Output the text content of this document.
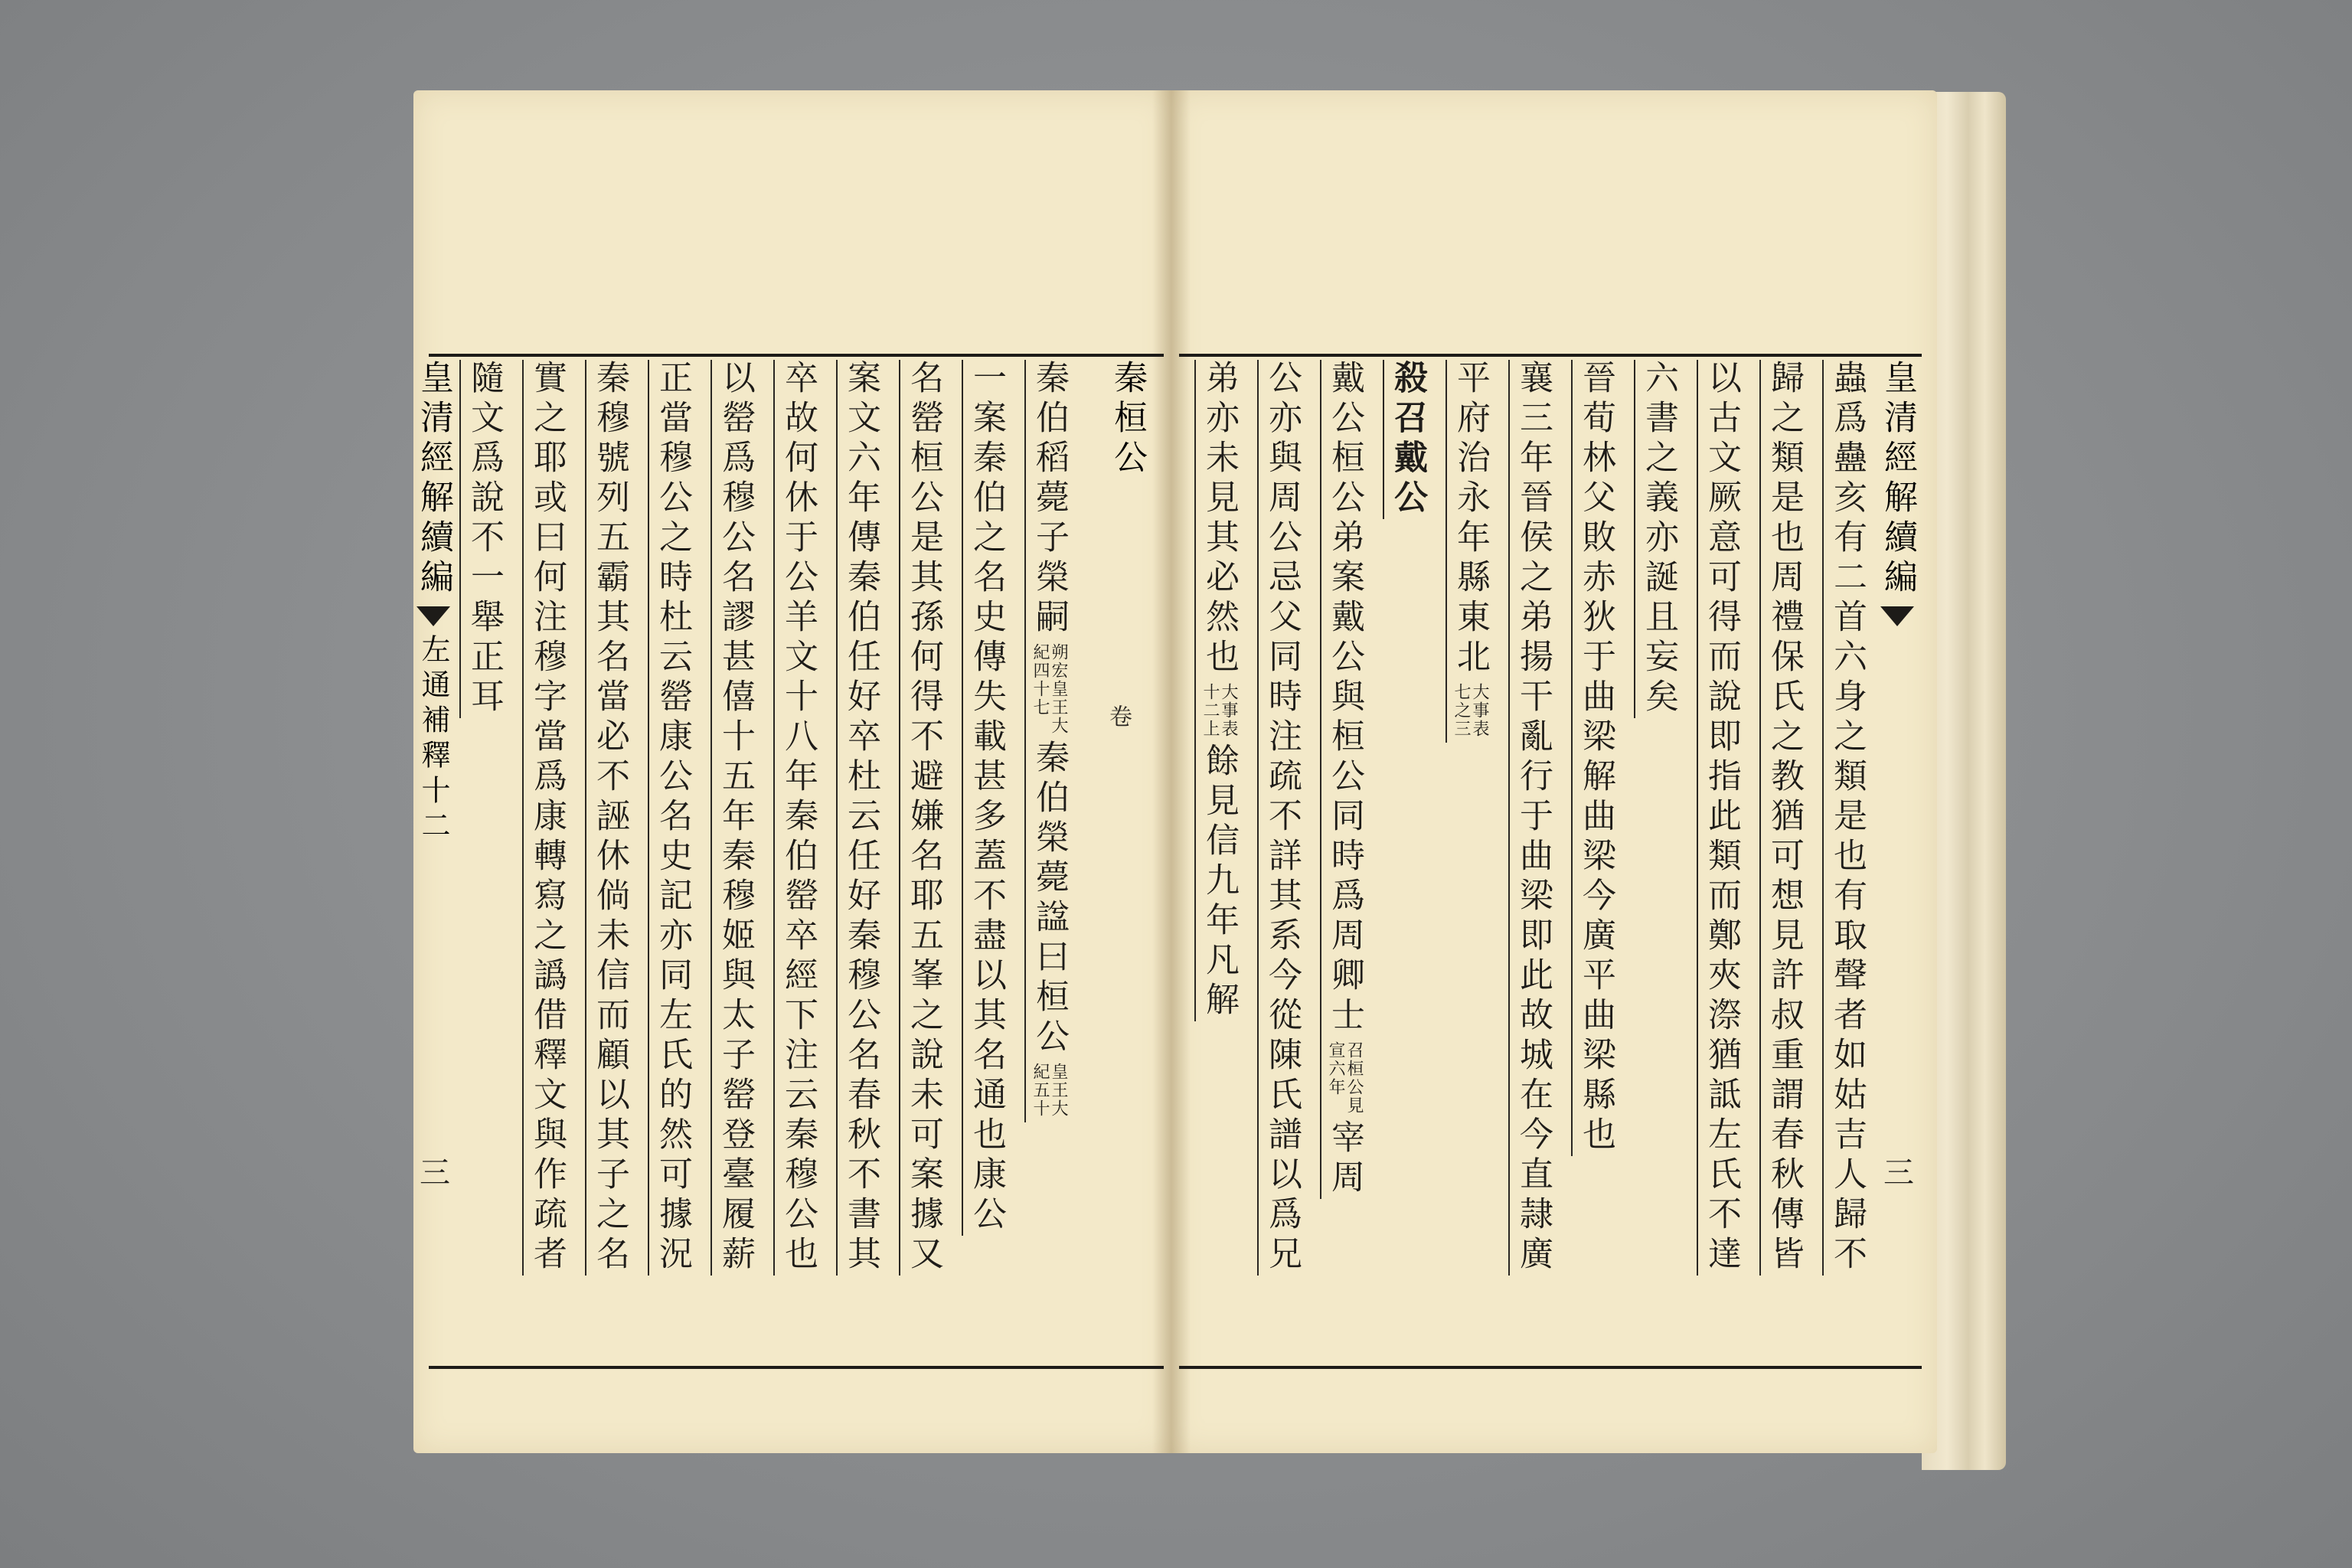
皇清經解續編
左通補釋十二
三
隨文爲說不一舉正耳 實之耶或曰何注穆字當爲康轉寫之譌借釋文與作疏者 秦穆號列五霸其名當必不誣休倘未信而顧以其子之名 正當穆公之時杜云罃康公名史記亦同左氏的然可據況 以罃爲穆公名謬甚僖十五年秦穆姬與太子罃登臺履薪 卒故何休于公羊文十八年秦伯罃卒經下注云秦穆公也 案文六年傳秦伯任好卒杜云任好秦穆公名春秋不書其 名罃桓公是其孫何得不避嫌名耶五峯之說未可案據又 一案秦伯之名史傳失載甚多蓋不盡以其名通也康公 秦伯稻薨子榮嗣
朔宏皇王大
紀四十七
秦伯榮薨諡曰桓公
皇王大
紀五十
秦桓公
卷
弟亦未見其必然也
大事表
十二上
餘見信九年凡解 公亦與周公忌父同時注疏不詳其系今從陳氏譜以爲兄 戴公桓公弟案戴公與桓公同時爲周卿士
召桓公見
宣六年
宰周
殺召戴公 平府治永年縣東北
大事表
七之三 襄三年晉侯之弟揚干亂行于曲梁即此故城在今直隷廣 晉荀林父敗赤狄于曲梁解曲梁今廣平曲梁縣也 六書之義亦誕且妄矣 以古文厥意可得而說即指此類而鄭夾漈猶詆左氏不達 歸之類是也周禮保氏之教猶可想見許叔重謂春秋傳皆 蟲爲蠱亥有二首六身之類是也有取聲者如姑吉人歸不 皇清經解續編
三
